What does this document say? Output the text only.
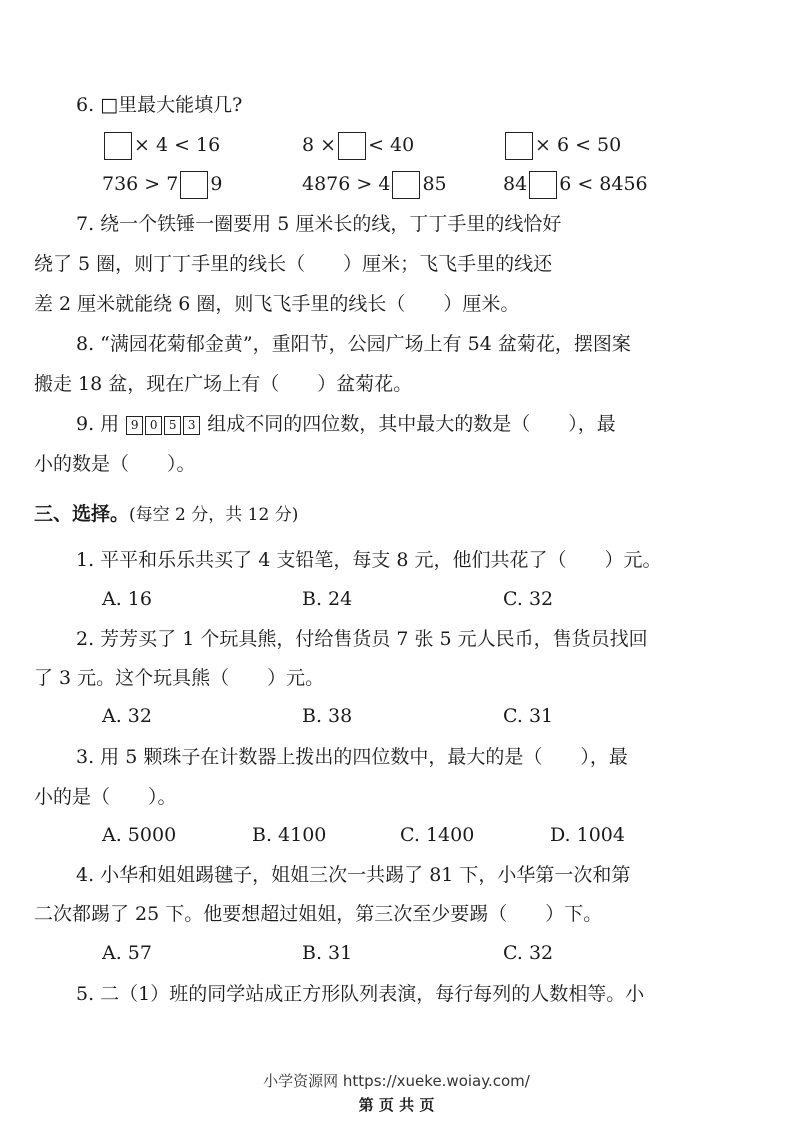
6. □里最大能填几?
× 4 < 16	8 × < 40	× 6 < 50
736 > 7 9	4876 > 4 85	84 6 < 8456
7. 绕一个铁锤一圈要用 5 厘米长的线，丁丁手里的线恰好
绕了 5 圈，则丁丁手里的线长（　　）厘米；飞飞手里的线还
差 2 厘米就能绕 6 圈，则飞飞手里的线长（　　）厘米。
8. “满园花菊郁金黄”，重阳节，公园广场上有 54 盆菊花，摆图案
搬走 18 盆，现在广场上有（　　）盆菊花。
9. 用 9 0 5 3 组成不同的四位数，其中最大的数是（　　），最
小的数是（　　）。
三、选择。(每空 2 分，共 12 分)
1. 平平和乐乐共买了 4 支铅笔，每支 8 元，他们共花了（　　）元。
A. 16	B. 24	C. 32
2. 芳芳买了 1 个玩具熊，付给售货员 7 张 5 元人民币，售货员找回
了 3 元。这个玩具熊（　　）元。
A. 32	B. 38	C. 31
3. 用 5 颗珠子在计数器上拨出的四位数中，最大的是（　　），最
小的是（　　）。
A. 5000	B. 4100	C. 1400	D. 1004
4. 小华和姐姐踢毽子，姐姐三次一共踢了 81 下，小华第一次和第
二次都踢了 25 下。他要想超过姐姐，第三次至少要踢（　　）下。
A. 57	B. 31	C. 32
5. 二（1）班的同学站成正方形队列表演，每行每列的人数相等。小
小学资源网 https://xueke.woiay.com/
第 页 共 页
